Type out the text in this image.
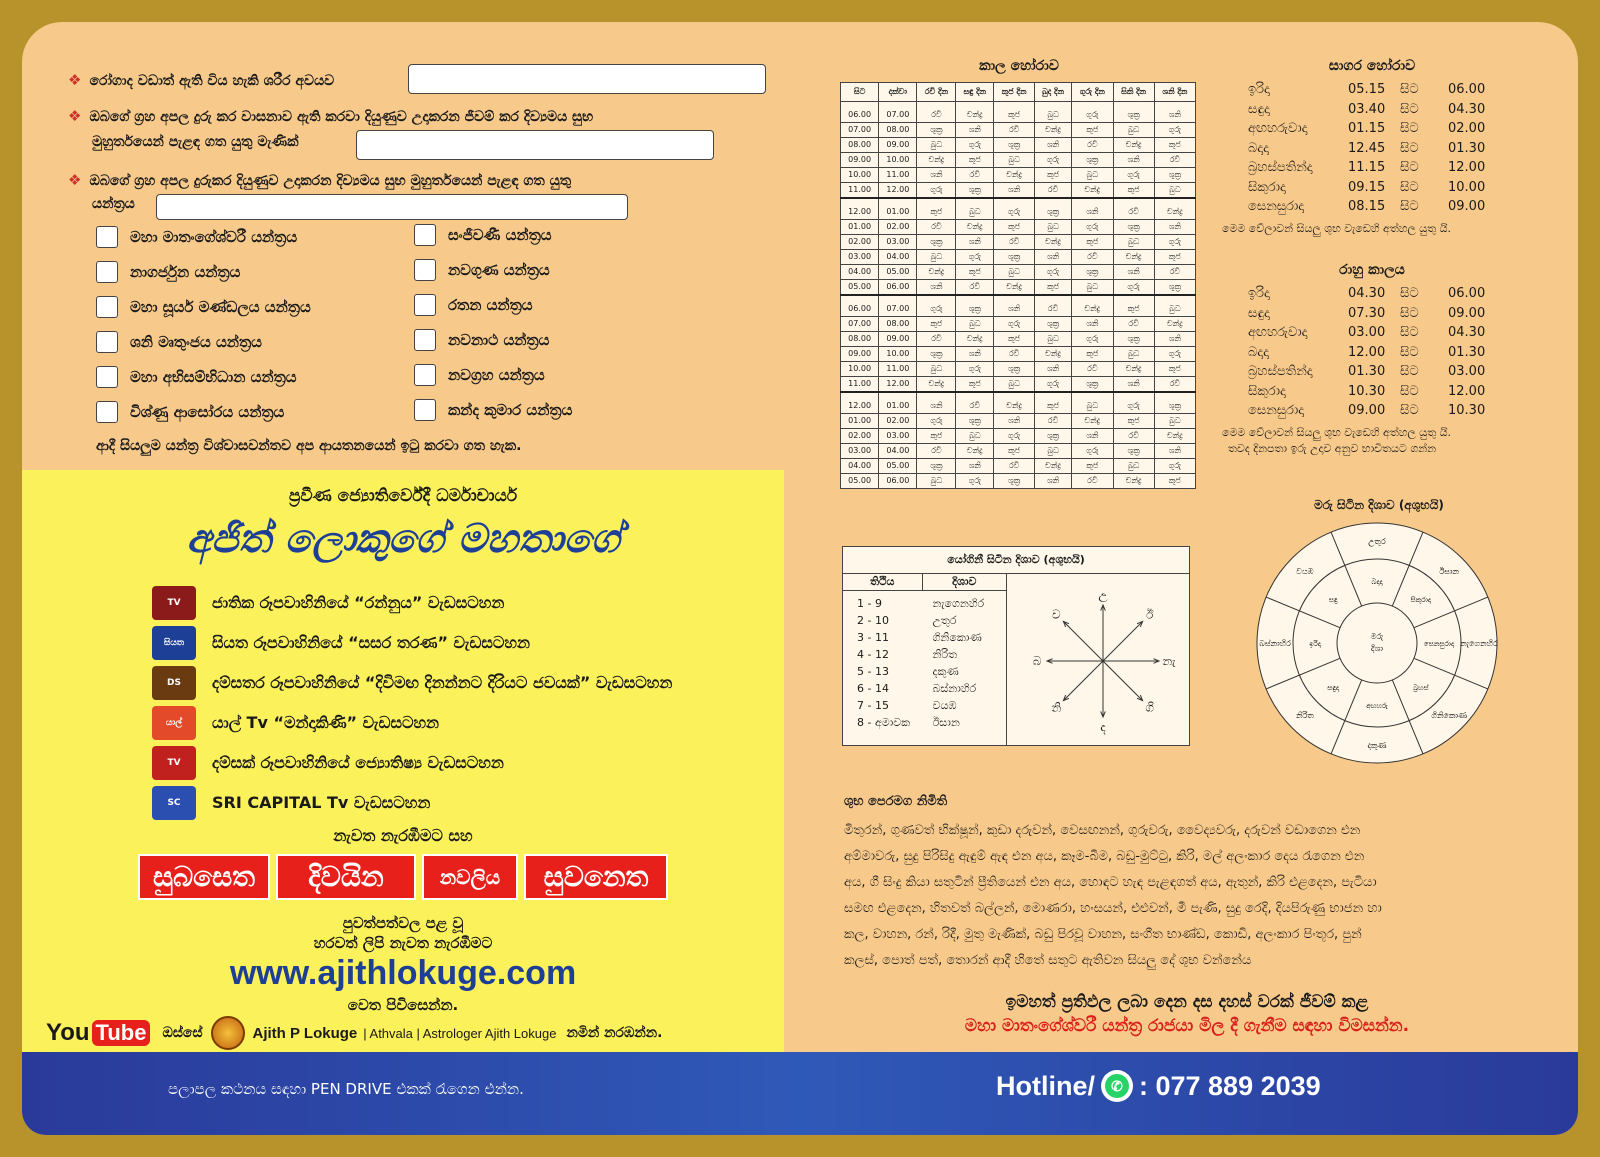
❖ රෝගාද වඩාත් ඇති විය හැකි ශරීර අවයව
❖ ඔබගේ ග්‍රහ අපල දුරු කර වාසනාව ඇති කරවා දියුණුව උදාකරන ජීවම් කර දිව්‍යමය සුභ
මුහුර්තයෙන් පැළඳ ගත යුතු මැණික්
❖ ඔබගේ ග්‍රහ අපල දුරුකර දියුණුව උදාකරන දිව්‍යමය සුභ මුහුර්තයෙන් පැළඳ ගත යුතු
යන්ත්‍රය
ආදී සියලුම යන්ත්‍ර විශ්වාසවන්තව අප ආයතනයෙන් ඉටු කරවා ගත හැක.
ප්‍රවීණ ජ්‍යොතිර්වේදී ධර්මාචාර්ය
අජිත් ලොකුගේ මහතාගේ
නැවත නැරඹීමට සහ
සුබසෙත	දිවයින	නවලිය	සුවනෙත
පුවත්පත්වල පළ වූ
හරවත් ලිපි නැවත නැරඹීමට
www.ajithlokuge.com
වෙත පිවිසෙන්න.
You Tube ඔස්සේ	Ajith P Lokuge | Athvala | Astrologer Ajith Lokuge නමින් නරඹන්න.
TV	ජාතික රූපවාහිනියේ “රන්නුය” වැඩසටහන
සියත	සියත රූපවාහිනියේ “සසර තරණ” වැඩසටහන
DS	දම්සතර රූපවාහිනියේ “දිවිමඟ දිනන්නට දිරියට ජවයක්” වැඩසටහන
යාල්	යාල් Tv “මන්දාකිණි” වැඩසටහන
TV	දම්සක් රූපවාහිනියේ ජ්‍යොතිෂ්‍ය වැඩසටහන
SC	SRI CAPITAL Tv වැඩසටහන
පලාපල කථනය සඳහා PEN DRIVE එකක් රැගෙන එන්න.	Hotline/	✆ : 077 889 2039
කාල හෝරාව
සිට	දක්වා	රවි දින	සඳු දින	කුජ දින	බුද දින	ගුරු දින	සිකි දින	ශනි දින
06.00	07.00	රවි	චන්ද්‍ර	කුජ	බුධ	ගුරු	ශුක්‍ර	ශනි
07.00	08.00	ශුක්‍ර	ශනි	රවි	චන්ද්‍ර	කුජ	බුධ	ගුරු
08.00	09.00	බුධ	ගුරු	ශුක්‍ර	ශනි	රවි	චන්ද්‍ර	කුජ
09.00	10.00	චන්ද්‍ර	කුජ	බුධ	ගුරු	ශුක්‍ර	ශනි	රවි
10.00	11.00	ශනි	රවි	චන්ද්‍ර	කුජ	බුධ	ගුරු	ශුක්‍ර
11.00	12.00	ගුරු	ශුක්‍ර	ශනි	රවි	චන්ද්‍ර	කුජ	බුධ
12.00	01.00	කුජ	බුධ	ගුරු	ශුක්‍ර	ශනි	රවි	චන්ද්‍ර
01.00	02.00	රවි	චන්ද්‍ර	කුජ	බුධ	ගුරු	ශුක්‍ර	ශනි
02.00	03.00	ශුක්‍ර	ශනි	රවි	චන්ද්‍ර	කුජ	බුධ	ගුරු
03.00	04.00	බුධ	ගුරු	ශුක්‍ර	ශනි	රවි	චන්ද්‍ර	කුජ
04.00	05.00	චන්ද්‍ර	කුජ	බුධ	ගුරු	ශුක්‍ර	ශනි	රවි
05.00	06.00	ශනි	රවි	චන්ද්‍ර	කුජ	බුධ	ගුරු	ශුක්‍ර
06.00	07.00	ගුරු	ශුක්‍ර	ශනි	රවි	චන්ද්‍ර	කුජ	බුධ
07.00	08.00	කුජ	බුධ	ගුරු	ශුක්‍ර	ශනි	රවි	චන්ද්‍ර
08.00	09.00	රවි	චන්ද්‍ර	කුජ	බුධ	ගුරු	ශුක්‍ර	ශනි
09.00	10.00	ශුක්‍ර	ශනි	රවි	චන්ද්‍ර	කුජ	බුධ	ගුරු
10.00	11.00	බුධ	ගුරු	ශුක්‍ර	ශනි	රවි	චන්ද්‍ර	කුජ
11.00	12.00	චන්ද්‍ර	කුජ	බුධ	ගුරු	ශුක්‍ර	ශනි	රවි
12.00	01.00	ශනි	රවි	චන්ද්‍ර	කුජ	බුධ	ගුරු	ශුක්‍ර
01.00	02.00	ගුරු	ශුක්‍ර	ශනි	රවි	චන්ද්‍ර	කුජ	බුධ
02.00	03.00	කුජ	බුධ	ගුරු	ශුක්‍ර	ශනි	රවි	චන්ද්‍ර
03.00	04.00	රවි	චන්ද්‍ර	කුජ	බුධ	ගුරු	ශුක්‍ර	ශනි
04.00	05.00	ශුක්‍ර	ශනි	රවි	චන්ද්‍ර	කුජ	බුධ	ගුරු
05.00	06.00	බුධ	ගුරු	ශුක්‍ර	ශනි	රවි	චන්ද්‍ර	කුජ
සාගර හෝරාව
මෙම වේලාවන් සියලු ශුභ වැඩෙහි අත්හල යුතු යි.
රාහු කාලය
මෙම වේලාවන් සියලු ශුභ වැඩෙහි අත්හල යුතු යි.
තවද දිනපතා ඉරු උදාව අනුව භාවිතයට ගන්න
යෝගිනී සිටින දිශාව (අශුභයි)
තිථිය	දිශාව
1 - 9	නැගෙනහිර
2 - 10	උතුර
3 - 11	ගිනිකොණ
4 - 12	නිරිත
5 - 13	දකුණ
6 - 14	බස්නාහිර
7 - 15	වයඹ
8 - අමාවක	ඊසාන
උ
ඊ
නැ
ගි
ද
නි
බ
ව
මරු සිටින දිශාව (අශුභයි)
උතුර
ඊසාන
නැගෙනහිර
ගිනිකොණ
දකුණ
නිරිත
බස්නාහිර
වයඹ
බදාදා
සිකුරාදා
සෙනසුරාදා
බ්‍රහස්
අඟහරු
සඳුදා
ඉරිදා
සඳු
මරු
දිශා
ශුභ පෙරමග නිමිති
ඉමහත් ප්‍රතිඵල ලබා දෙන දස දහස් වරක් ජීවම් කළ
මහා මාතංගේශ්වරී යන්ත්‍ර රාජයා මිල දී ගැනීම සඳහා විමසන්න.
මහා මාතංගේශ්වරී යන්ත්‍රය
නාගර්ජුන යන්ත්‍රය
මහා සූර්ය මණ්ඩලය යන්ත්‍රය
ශනි මෘතුංජය යන්ත්‍රය
මහා අභිසම්භිධාන යන්ත්‍රය
විශ්ණු ආසෝරය යන්ත්‍රය
සංජීවණී යන්ත්‍රය
නවගුණ යන්ත්‍රය
රතන යන්ත්‍රය
නවනාථ යන්ත්‍රය
නවග්‍රහ යන්ත්‍රය
කන්ද කුමාර යන්ත්‍රය
ඉරිදා	05.15	සිට	06.00
සඳුදා	03.40	සිට	04.30
අඟහරුවාදා	01.15	සිට	02.00
බදාදා	12.45	සිට	01.30
බ්‍රහස්පතින්දා	11.15	සිට	12.00
සිකුරාදා	09.15	සිට	10.00
සෙනසුරාදා	08.15	සිට	09.00
ඉරිදා	04.30	සිට	06.00
සඳුදා	07.30	සිට	09.00
අඟහරුවාදා	03.00	සිට	04.30
බදාදා	12.00	සිට	01.30
බ්‍රහස්පතින්දා	01.30	සිට	03.00
සිකුරාදා	10.30	සිට	12.00
සෙනසුරාදා	09.00	සිට	10.30
මිතුරන්, ගුණවත් භික්ෂූන්, කුඩා දරුවන්, වෙසඟනන්, ගුරුවරු, වෛද්‍යවරු, දරුවන් වඩාගෙන එන
අම්මාවරු, සුදු පිරිසිදු ඇඳුම් ඇඳ එන අය, කෑම-බීම, බඩු-මුට්ටු, කිරි, මල් අලංකාර දෙය රැගෙන එන
අය, ගී සිංදු කියා සතුටින් ප්‍රීතියෙන් එන අය, හොඳට හැඳ පැළඳගත් අය, ඇතුන්, කිරි එළදෙන, පැටියා
සමඟ එළදෙන, හිතවත් බල්ලන්, මොණරා, හංසයන්, එළුවන්, මී පැණි, සුදු රෙදි, දියපිරුණු භාජන හා
කල, වාහන, රන්, රිදී, මුතු මැණික්, බඩු පිරවූ වාහන, සංගීත භාණ්ඩ, කොඩි, අලංකාර පිංතූර, පුන්
කලස්, පොත් පත්, තොරන් ආදී හිතේ සතුට ඇතිවන සියලු දේ ශුභ වන්නේය
